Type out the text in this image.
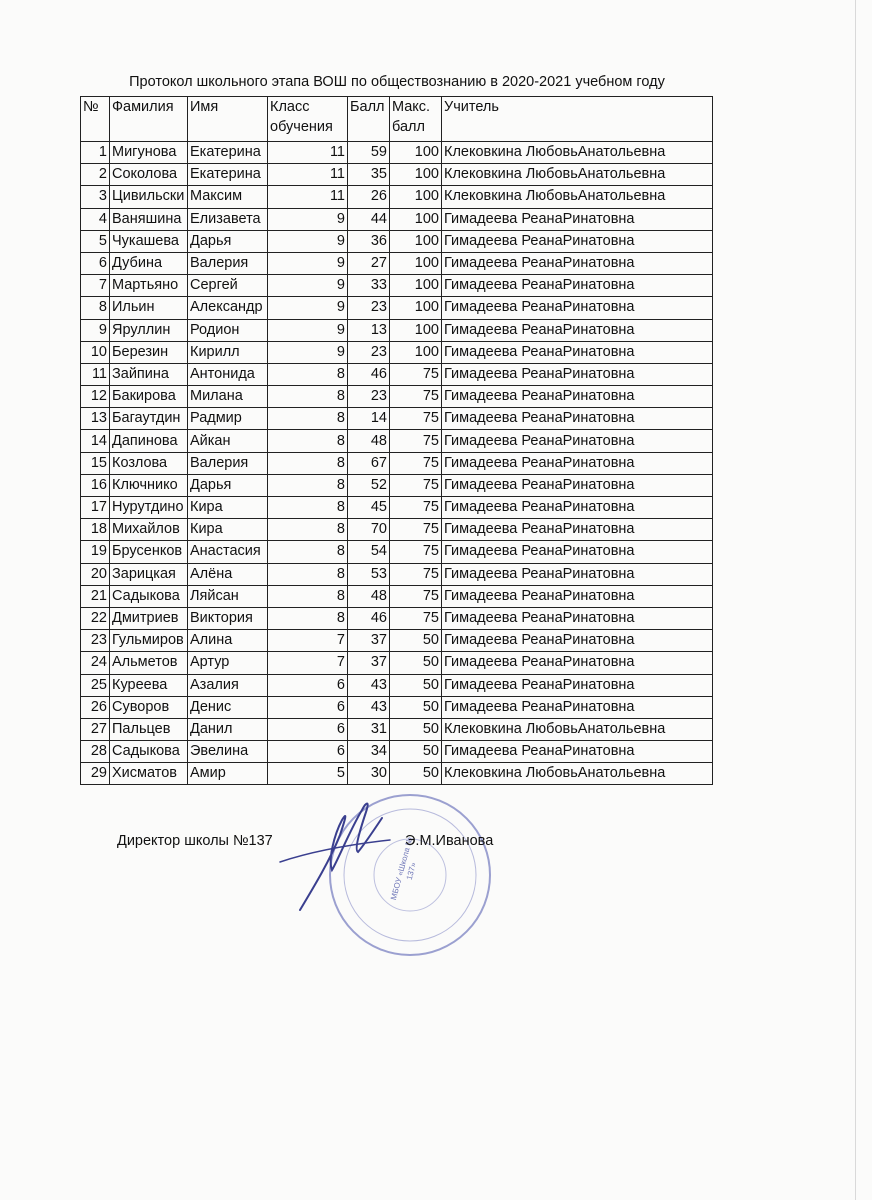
Протокол школьного этапа ВОШ по обществознанию в 2020-2021 учебном году
№	Фамилия	Имя	Класс обучения	Балл	Макс. балл	Учитель
1	Мигунова	Екатерина	11	59	100	Клековкина ЛюбовьАнатольевна
2	Соколова	Екатерина	11	35	100	Клековкина ЛюбовьАнатольевна
3	Цивильски	Максим	11	26	100	Клековкина ЛюбовьАнатольевна
4	Ваняшина	Елизавета	9	44	100	Гимадеева РеанаРинатовна
5	Чукашева	Дарья	9	36	100	Гимадеева РеанаРинатовна
6	Дубина	Валерия	9	27	100	Гимадеева РеанаРинатовна
7	Мартьяно	Сергей	9	33	100	Гимадеева РеанаРинатовна
8	Ильин	Александр	9	23	100	Гимадеева РеанаРинатовна
9	Яруллин	Родион	9	13	100	Гимадеева РеанаРинатовна
10	Березин	Кирилл	9	23	100	Гимадеева РеанаРинатовна
11	Зайпина	Антонида	8	46	75	Гимадеева РеанаРинатовна
12	Бакирова	Милана	8	23	75	Гимадеева РеанаРинатовна
13	Багаутдин	Радмир	8	14	75	Гимадеева РеанаРинатовна
14	Дапинова	Айкан	8	48	75	Гимадеева РеанаРинатовна
15	Козлова	Валерия	8	67	75	Гимадеева РеанаРинатовна
16	Ключнико	Дарья	8	52	75	Гимадеева РеанаРинатовна
17	Нурутдино	Кира	8	45	75	Гимадеева РеанаРинатовна
18	Михайлов	Кира	8	70	75	Гимадеева РеанаРинатовна
19	Брусенков	Анастасия	8	54	75	Гимадеева РеанаРинатовна
20	Зарицкая	Алёна	8	53	75	Гимадеева РеанаРинатовна
21	Садыкова	Ляйсан	8	48	75	Гимадеева РеанаРинатовна
22	Дмитриев	Виктория	8	46	75	Гимадеева РеанаРинатовна
23	Гульмиров	Алина	7	37	50	Гимадеева РеанаРинатовна
24	Альметов	Артур	7	37	50	Гимадеева РеанаРинатовна
25	Куреева	Азалия	6	43	50	Гимадеева РеанаРинатовна
26	Суворов	Денис	6	43	50	Гимадеева РеанаРинатовна
27	Пальцев	Данил	6	31	50	Клековкина ЛюбовьАнатольевна
28	Садыкова	Эвелина	6	34	50	Гимадеева РеанаРинатовна
29	Хисматов	Амир	5	30	50	Клековкина ЛюбовьАнатольевна
Директор школы №137	МБОУ «Школа № 137»
Э.М.Иванова
